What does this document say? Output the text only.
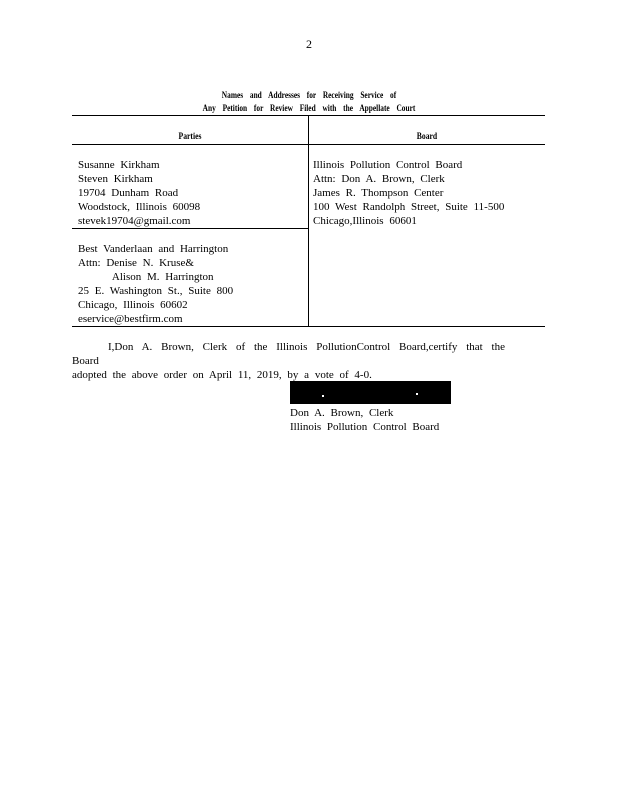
2
Names and Addresses for Receiving Service of
Any Petition for Review Filed with the Appellate Court
Parties	Board
Susanne Kirkham
Steven Kirkham
19704 Dunham Road
Woodstock, Illinois 60098
stevek19704@gmail.com
Best Vanderlaan and Harrington
Attn: Denise N. Kruse&
Alison M. Harrington
25 E. Washington St., Suite 800
Chicago, Illinois 60602
eservice@bestfirm.com
Illinois Pollution Control Board
Attn: Don A. Brown, Clerk
James R. Thompson Center
100 West Randolph Street, Suite 11-500
Chicago,Illinois 60601
I,Don A. Brown, Clerk of the Illinois PollutionControl Board,certify that the Board
adopted the above order on April 11, 2019, by a vote of 4-0.
Don A. Brown, Clerk
Illinois Pollution Control Board
